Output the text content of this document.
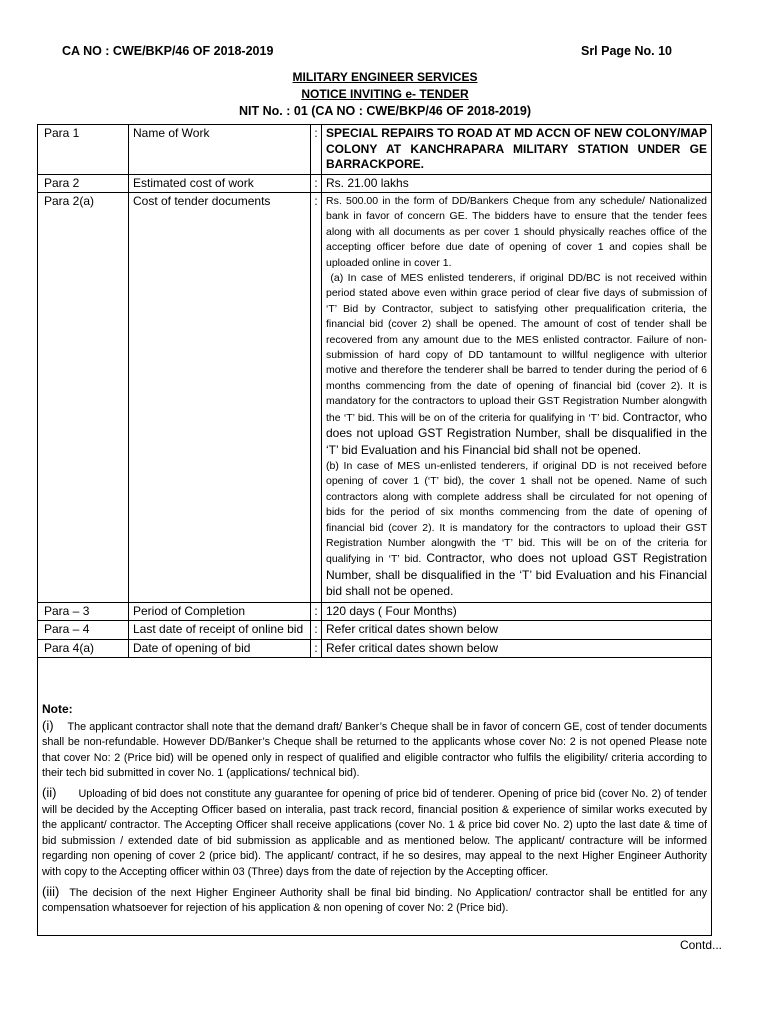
CA NO : CWE/BKP/46 OF 2018-2019	Srl Page No. 10
MILITARY ENGINEER SERVICES
NOTICE INVITING e- TENDER
NIT No. : 01 (CA NO : CWE/BKP/46 OF 2018-2019)
Para 1	Name of Work	:	SPECIAL REPAIRS TO ROAD AT MD ACCN OF NEW COLONY/MAP COLONY AT KANCHRAPARA MILITARY STATION UNDER GE BARRACKPORE.
Para 2	Estimated cost of work	:	Rs. 21.00 lakhs
Para 2(a)	Cost of tender documents	:	Rs. 500.00 in the form of DD/Bankers Cheque from any schedule/ Nationalized bank in favor of concern GE. The bidders have to ensure that the tender fees along with all documents as per cover 1 should physically reaches office of the accepting officer before due date of opening of cover 1 and copies shall be uploaded online in cover 1.
(a) In case of MES enlisted tenderers, if original DD/BC is not received within period stated above even within grace period of clear five days of submission of ‘T’ Bid by Contractor, subject to satisfying other prequalification criteria, the financial bid (cover 2) shall be opened. The amount of cost of tender shall be recovered from any amount due to the MES enlisted contractor. Failure of non-submission of hard copy of DD tantamount to willful negligence with ulterior motive and therefore the tenderer shall be barred to tender during the period of 6 months commencing from the date of opening of financial bid (cover 2). It is mandatory for the contractors to upload their GST Registration Number alongwith the ‘T’ bid. This will be on of the criteria for qualifying in ‘T’ bid. Contractor, who does not upload GST Registration Number, shall be disqualified in the ‘T’ bid Evaluation and his Financial bid shall not be opened.
(b) In case of MES un-enlisted tenderers, if original DD is not received before opening of cover 1 (‘T’ bid), the cover 1 shall not be opened. Name of such contractors along with complete address shall be circulated for not opening of bids for the period of six months commencing from the date of opening of financial bid (cover 2). It is mandatory for the contractors to upload their GST Registration Number alongwith the ‘T’ bid. This will be on of the criteria for qualifying in ‘T’ bid. Contractor, who does not upload GST Registration Number, shall be disqualified in the ‘T’ bid Evaluation and his Financial bid shall not be opened.

Para – 3	Period of Completion	:	120 days ( Four Months)
Para – 4	Last date of receipt of online bid	:	Refer critical dates shown below
Para 4(a)	Date of opening of bid	:	Refer critical dates shown below
Note:
(i) The applicant contractor shall note that the demand draft/ Banker’s Cheque shall be in favor of concern GE, cost of tender documents shall be non-refundable. However DD/Banker’s Cheque shall be returned to the applicants whose cover No: 2 is not opened Please note that cover No: 2 (Price bid) will be opened only in respect of qualified and eligible contractor who fulfils the eligibility/ criteria according to their tech bid submitted in cover No. 1 (applications/ technical bid).
(ii) Uploading of bid does not constitute any guarantee for opening of price bid of tenderer. Opening of price bid (cover No. 2) of tender will be decided by the Accepting Officer based on interalia, past track record, financial position & experience of similar works executed by the applicant/ contractor. The Accepting Officer shall receive applications (cover No. 1 & price bid cover No. 2) upto the last date & time of bid submission / extended date of bid submission as applicable and as mentioned below. The applicant/ contracture will be informed regarding non opening of cover 2 (price bid). The applicant/ contract, if he so desires, may appeal to the next Higher Engineer Authority with copy to the Accepting officer within 03 (Three) days from the date of rejection by the Accepting officer.
(iii) The decision of the next Higher Engineer Authority shall be final bid binding. No Application/ contractor shall be entitled for any compensation whatsoever for rejection of his application & non opening of cover No: 2 (Price bid).
Contd...
